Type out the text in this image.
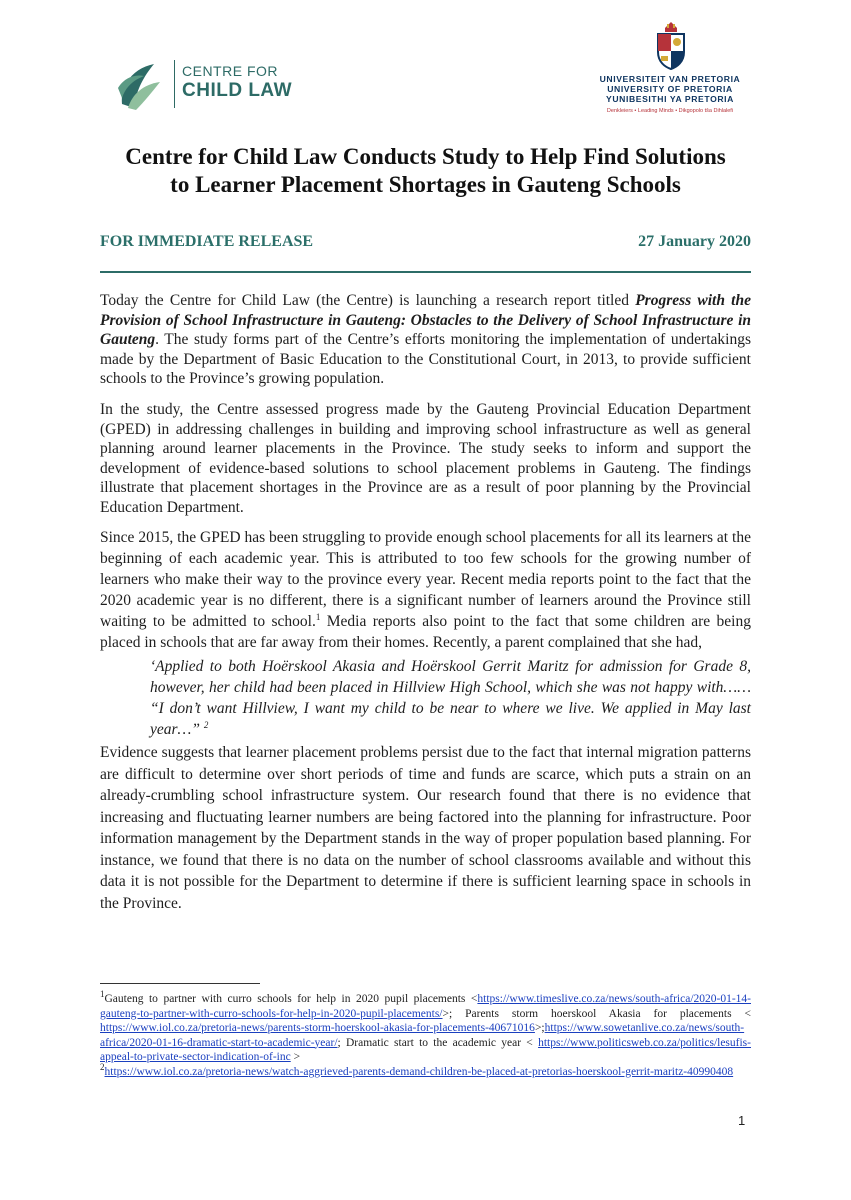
CENTRE FOR
CHILD LAW
UNIVERSITEIT VAN PRETORIA
UNIVERSITY OF PRETORIA
YUNIBESITHI YA PRETORIA
Denkleiers • Leading Minds • Dikgopolo tša Dihlalefi
Centre for Child Law Conducts Study to Help Find Solutions
to Learner Placement Shortages in Gauteng Schools
FOR IMMEDIATE RELEASE	27 January 2020
Today the Centre for Child Law (the Centre) is launching a research report titled Progress with the Provision of School Infrastructure in Gauteng: Obstacles to the Delivery of School Infrastructure in Gauteng. The study forms part of the Centre’s efforts monitoring the implementation of undertakings made by the Department of Basic Education to the Constitutional Court, in 2013, to provide sufficient schools to the Province’s growing population.
In the study, the Centre assessed progress made by the Gauteng Provincial Education Department (GPED) in addressing challenges in building and improving school infrastructure as well as general planning around learner placements in the Province. The study seeks to inform and support the development of evidence-based solutions to school placement problems in Gauteng. The findings illustrate that placement shortages in the Province are as a result of poor planning by the Provincial Education Department.
Since 2015, the GPED has been struggling to provide enough school placements for all its learners at the beginning of each academic year. This is attributed to too few schools for the growing number of learners who make their way to the province every year. Recent media reports point to the fact that the 2020 academic year is no different, there is a significant number of learners around the Province still waiting to be admitted to school.$^1$ Media reports also point to the fact that some children are being placed in schools that are far away from their homes. Recently, a parent complained that she had,
‘Applied to both Hoërskool Akasia and Hoërskool Gerrit Maritz for admission for Grade 8, however, her child had been placed in Hillview High School, which she was not happy with…… “I don’t want Hillview, I want my child to be near to where we live. We applied in May last year…” $^2$
Evidence suggests that learner placement problems persist due to the fact that internal migration patterns are difficult to determine over short periods of time and funds are scarce, which puts a strain on an already-crumbling school infrastructure system. Our research found that there is no evidence that increasing and fluctuating learner numbers are being factored into the planning for infrastructure. Poor information management by the Department stands in the way of proper population based planning. For instance, we found that there is no data on the number of school classrooms available and without this data it is not possible for the Department to determine if there is sufficient learning space in schools in the Province.
$^1$Gauteng to partner with curro schools for help in 2020 pupil placements <https://www.timeslive.co.za/news/south-africa/2020-01-14-gauteng-to-partner-with-curro-schools-for-help-in-2020-pupil-placements/>; Parents storm hoerskool Akasia for placements < https://www.iol.co.za/pretoria-news/parents-storm-hoerskool-akasia-for-placements-40671016>;https://www.sowetanlive.co.za/news/south-africa/2020-01-16-dramatic-start-to-academic-year/; Dramatic start to the academic year < https://www.politicsweb.co.za/politics/lesufis-appeal-to-private-sector-indication-of-inc >
$^2$https://www.iol.co.za/pretoria-news/watch-aggrieved-parents-demand-children-be-placed-at-pretorias-hoerskool-gerrit-maritz-40990408
1
